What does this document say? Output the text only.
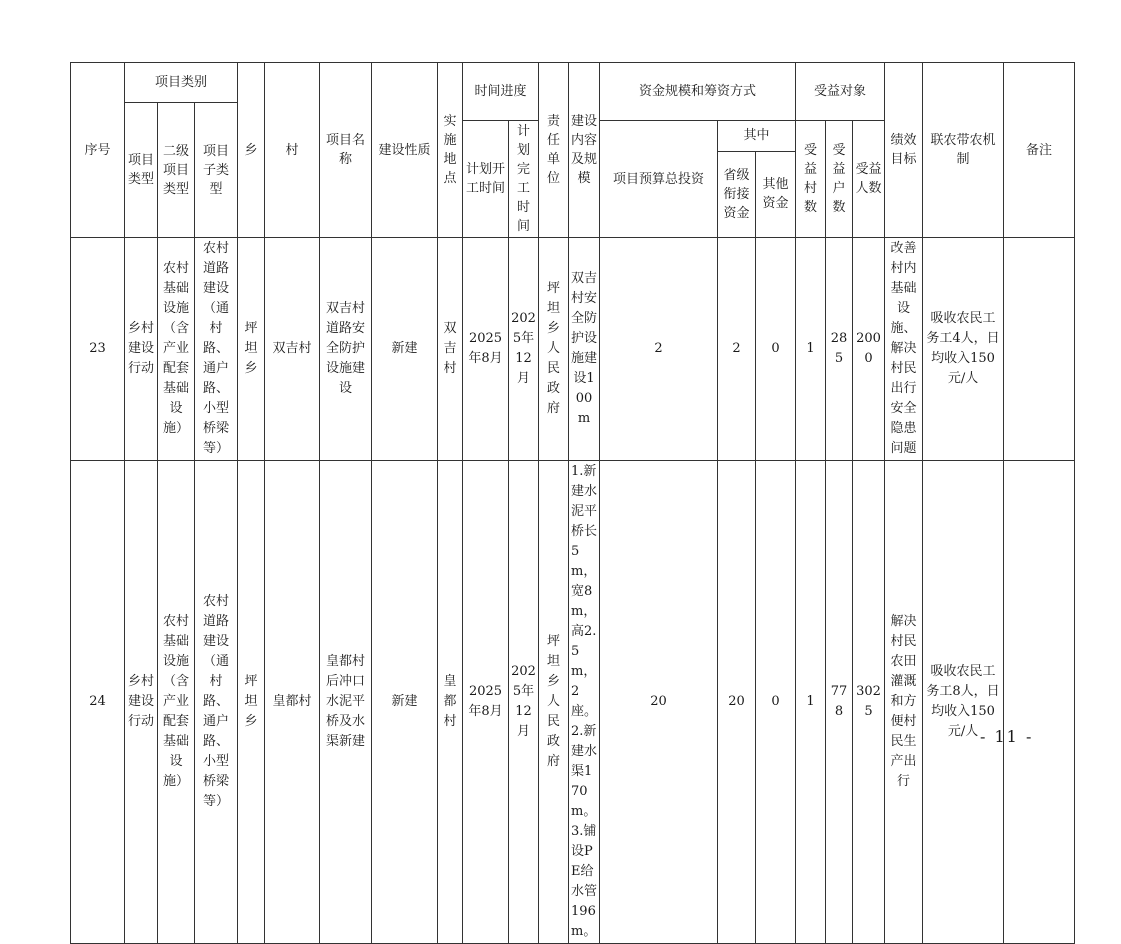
序号	项目类别			乡	村	项目名称	建设性质	实施地点	时间进度		责任单位	建设内容及规模	资金规模和筹资方式			受益对象			绩效目标	联农带农机制	备注
	项目类型	二级项目类型	项目子类型																		
									计划开工时间	计划完工时间			项目预算总投资	其中		受益村数	受益户数	受益人数			
														省级衔接资金	其他资金						
23	乡村建设行动	农村基础设施（含产业配套基础设施）	农村道路建设（通村路、通户路、小型桥梁等）	坪坦乡	双吉村	双吉村道路安全防护设施建设	新建	双吉村	2025年8月	2025年12月	坪坦乡人民政府	双吉村安全防护设施建设100m	2	2	0	1	285	2000	改善村内基础设施、解决村民出行安全隐患问题	吸收农民工务工4人，日均收入150元/人	
24	乡村建设行动	农村基础设施（含产业配套基础设施）	农村道路建设（通村路、通户路、小型桥梁等）	坪坦乡	皇都村	皇都村后冲口水泥平桥及水渠新建	新建	皇都村	2025年8月	2025年12月	坪坦乡人民政府	1.新建水泥平桥长5m，宽8m，高2.5m，2座。2.新建水渠170m。3.铺设PE给水管196m。	20	20	0	1	778	3025	解决村民农田灌溉和方便村民生产出行	吸收农民工务工8人，日均收入150元/人	- 11 -
